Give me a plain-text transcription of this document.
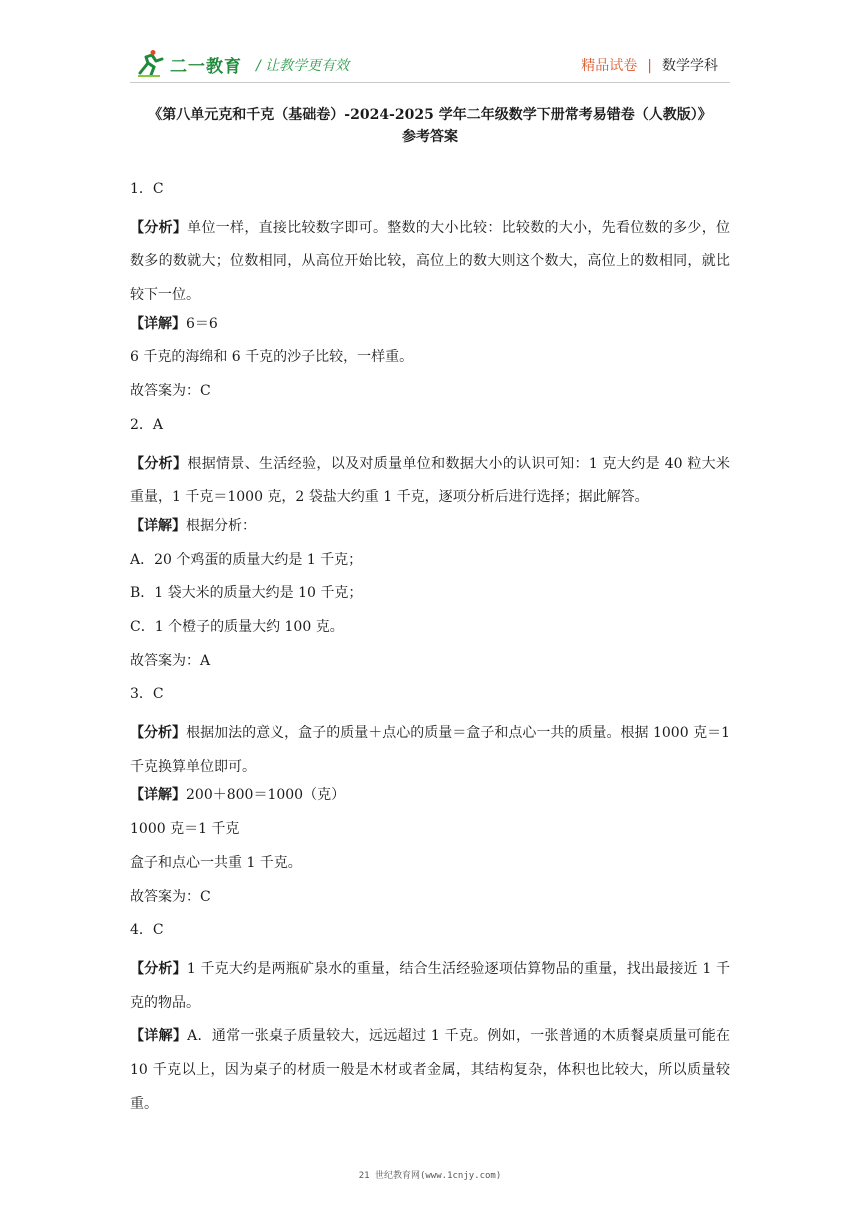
二一教育 / 让教学更有效	精品试卷 | 数学学科
《第八单元克和千克（基础卷）-2024-2025 学年二年级数学下册常考易错卷（人教版）》
参考答案
1．C
【分析】单位一样，直接比较数字即可。整数的大小比较：比较数的大小，先看位数的多少，位数多的数就大；位数相同，从高位开始比较，高位上的数大则这个数大，高位上的数相同，就比较下一位。
【详解】6＝6
6 千克的海绵和 6 千克的沙子比较，一样重。
故答案为：C
2．A
【分析】根据情景、生活经验，以及对质量单位和数据大小的认识可知：1 克大约是 40 粒大米重量，1 千克＝1000 克，2 袋盐大约重 1 千克，逐项分析后进行选择；据此解答。
【详解】根据分析：
A．20 个鸡蛋的质量大约是 1 千克；
B．1 袋大米的质量大约是 10 千克；
C．1 个橙子的质量大约 100 克。
故答案为：A
3．C
【分析】根据加法的意义，盒子的质量＋点心的质量＝盒子和点心一共的质量。根据 1000 克＝1 千克换算单位即可。
【详解】200＋800＝1000（克）
1000 克＝1 千克
盒子和点心一共重 1 千克。
故答案为：C
4．C
【分析】1 千克大约是两瓶矿泉水的重量，结合生活经验逐项估算物品的重量，找出最接近 1 千克的物品。
【详解】A．通常一张桌子质量较大，远远超过 1 千克。例如，一张普通的木质餐桌质量可能在 10 千克以上，因为桌子的材质一般是木材或者金属，其结构复杂，体积也比较大，所以质量较重。
21 世纪教育网(www.1cnjy.com)
